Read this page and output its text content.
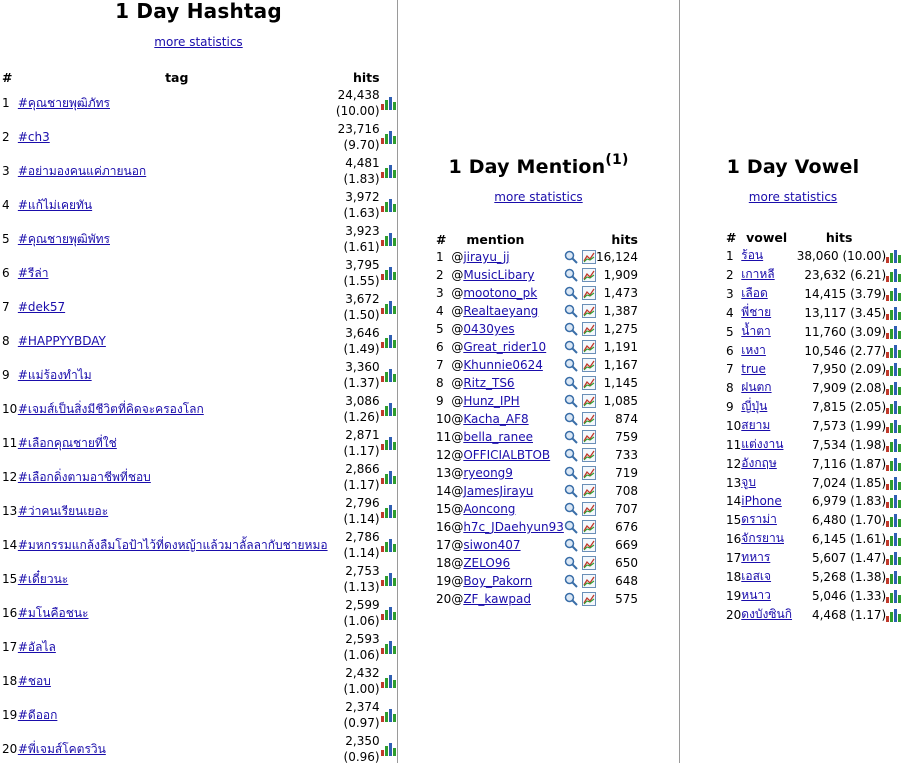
1 Day Hashtag
more statistics
#	tag	hits	
1	#คุณชายพุฒิภัทร	24,438
(10.00)	

2	#ch3	23,716
(9.70)	

3	#อย่ามองคนแค่ภายนอก	4,481
(1.83)	

4	#แก้ไม่เคยทัน	3,972
(1.63)	

5	#คุณชายพุฒิพัทร	3,923
(1.61)	

6	#รีล่า	3,795
(1.55)	

7	#dek57	3,672
(1.50)	

8	#HAPPYYBDAY	3,646
(1.49)	

9	#แม่ร้องทำไม	3,360
(1.37)	

10	#เจมส์เป็นสิ่งมีชีวิตที่คิดจะครองโลก	3,086
(1.26)	

11	#เลือกคุณชายที่ใช่	2,871
(1.17)	

12	#เลือกดิ่งตามอาชีพที่ชอบ	2,866
(1.17)	

13	#ว่าคนเรียนเยอะ	2,796
(1.14)	

14	#มหกรรมแกล้งลืมโอป้าไว้ที่ดงหญ้าแล้วมาลั้ลลากับชายหมอ	2,786
(1.14)	

15	#เดี๋ยวนะ	2,753
(1.13)	

16	#มโนคือชนะ	2,599
(1.06)	

17	#อัลไล	2,593
(1.06)	

18	#ชอบ	2,432
(1.00)	

19	#ดีออก	2,374
(0.97)	

20	#พี่เจมส์โคตรวิน	2,350
(0.96)	

1 Day Mention$^{(1)}$
more statistics
#	mention		hits
1	@jirayu_jj		16,124
2	@MusicLibary		1,909
3	@mootono_pk		1,473
4	@Realtaeyang		1,387
5	@0430yes		1,275
6	@Great_rider10		1,191
7	@Khunnie0624		1,167
8	@Ritz_TS6		1,145
9	@Hunz_IPH		1,085
10	@Kacha_AF8		874
11	@bella_ranee		759
12	@OFFICIALBTOB		733
13	@ryeong9		719
14	@JamesJirayu		708
15	@Aoncong		707
16	@h7c_JDaehyun93		676
17	@siwon407		669
18	@ZELO96		650
19	@Boy_Pakorn		648
20	@ZF_kawpad		575
1 Day Vowel
more statistics
#	vowel	hits	
1	ร้อน	38,060 (10.00)	

2	เกาหลี	23,632 (6.21)	

3	เลือด	14,415 (3.79)	

4	พี่ชาย	13,117 (3.45)	

5	น้ำตา	11,760 (3.09)	

6	เหงา	10,546 (2.77)	

7	true	7,950 (2.09)	

8	ฝนตก	7,909 (2.08)	

9	ญี่ปุ่น	7,815 (2.05)	

10	สยาม	7,573 (1.99)	

11	แต่งงาน	7,534 (1.98)	

12	อังกฤษ	7,116 (1.87)	

13	จูบ	7,024 (1.85)	

14	iPhone	6,979 (1.83)	

15	ดราม่า	6,480 (1.70)	

16	จักรยาน	6,145 (1.61)	

17	ทหาร	5,607 (1.47)	

18	เอสเจ	5,268 (1.38)	

19	หนาว	5,046 (1.33)	

20	ดงบังซินกิ	4,468 (1.17)	
